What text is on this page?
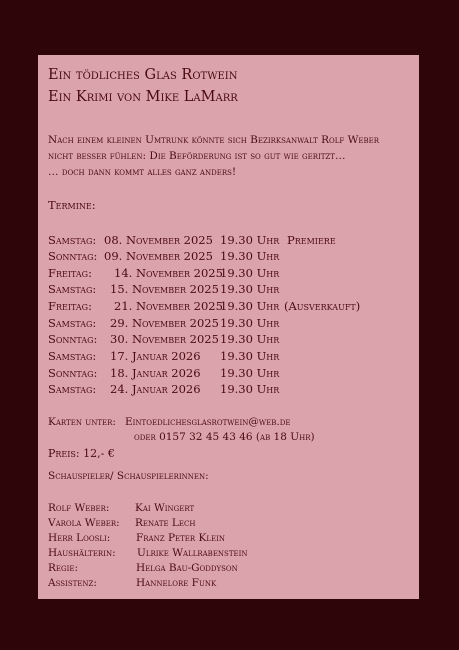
Ein tödliches Glas Rotwein
Ein Krimi von Mike LaMarr
Nach einem kleinen Umtrunk könnte sich Bezirksanwalt Rolf Weber
nicht besser fühlen: Die Beförderung ist so gut wie geritzt…
… doch dann kommt alles ganz anders!
Termine:
Samstag: 08. November 2025 19.30 Uhr Premiere
Sonntag: 09. November 2025 19.30 Uhr
Freitag: 14. November 2025
19.30 Uhr
Samstag: 15. November 2025 19.30 Uhr
Freitag: 21. November 2025
19.30 Uhr (Ausverkauft)
Samstag: 29. November 2025 19.30 Uhr
Sonntag: 30. November 2025 19.30 Uhr
Samstag: 17. Januar 2026 19.30 Uhr
Sonntag: 18. Januar 2026 19.30 Uhr
Samstag: 24. Januar 2026 19.30 Uhr
Karten unter: Eintoedlichesglasrotwein@web.de
oder 0157 32 45 43 46 (ab 18 Uhr)
Preis: 12,- €
Schauspieler/ Schauspielerinnen:
Rolf Weber: Kai Wingert
Varola Weber: Renate Lech
Herr Loosli: Franz Peter Klein
Haushälterin: Ulrike Wallrabenstein
Regie:	Helga Bau-Goddyson
Assistenz:	Hannelore Funk
